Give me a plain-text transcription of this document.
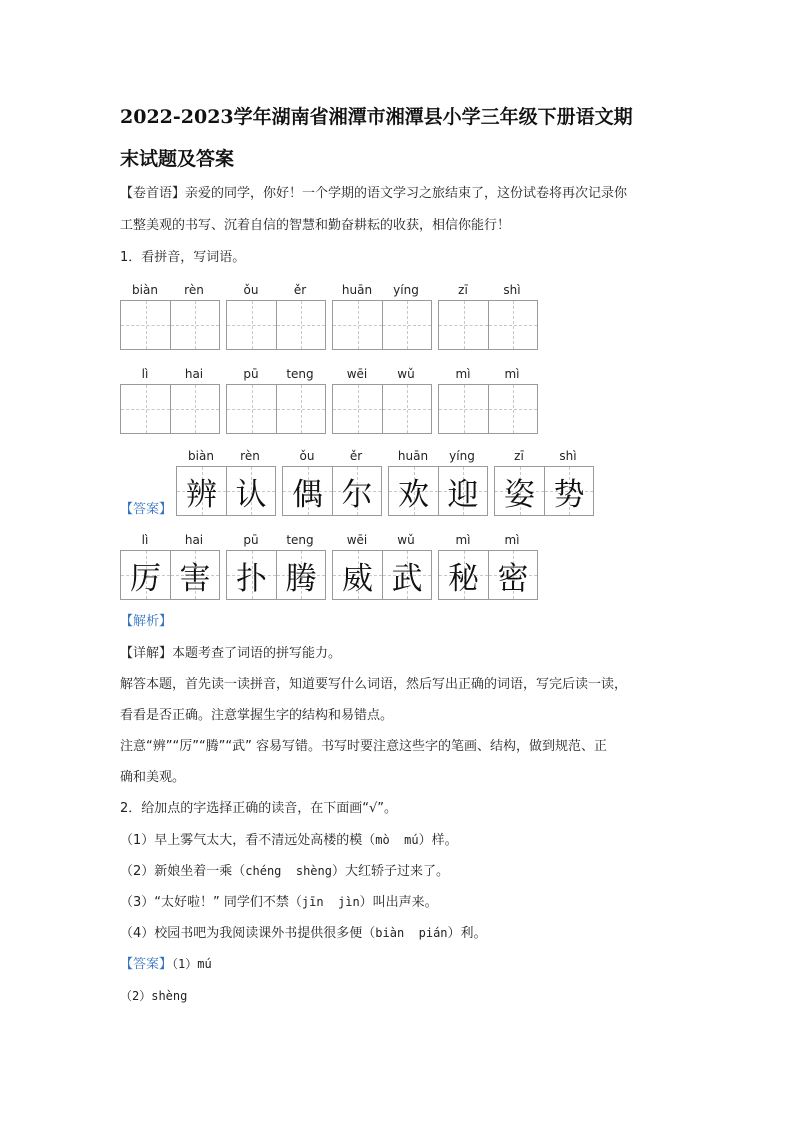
2022-2023学年湖南省湘潭市湘潭县小学三年级下册语文期
末试题及答案
【卷首语】亲爱的同学，你好！一个学期的语文学习之旅结束了，这份试卷将再次记录你
工整美观的书写、沉着自信的智慧和勤奋耕耘的收获，相信你能行！
1．看拼音，写词语。
biàn rèn	ǒu	ěr	huān yíng	zī	shì
lì	hai	pū teng	wēi	wǔ	mì	mì
biàn rèn	ǒu	ěr	huān yíng	zī	shì
【答案】 辨 认 偶 尔 欢 迎 姿 势
lì	hai	pū teng	wēi	wǔ	mì	mì
厉 害 扑 腾 威 武 秘 密
【解析】
【详解】本题考查了词语的拼写能力。
解答本题，首先读一读拼音，知道要写什么词语，然后写出正确的词语，写完后读一读，
看看是否正确。注意掌握生字的结构和易错点。
注意“辨”“厉”“腾”“武” 容易写错。书写时要注意这些字的笔画、结构，做到规范、正
确和美观。
2．给加点的字选择正确的读音，在下面画“√”。
（1）早上雾气太大，看不清远处高楼的模（mò  mú）样。
（2）新娘坐着一乘（chéng  shèng）大红轿子过来了。
（3）“太好啦！” 同学们不禁（jīn  jìn）叫出声来。
（4）校园书吧为我阅读课外书提供很多便（biàn  pián）利。
【答案】（1）mú
（2）shèng
